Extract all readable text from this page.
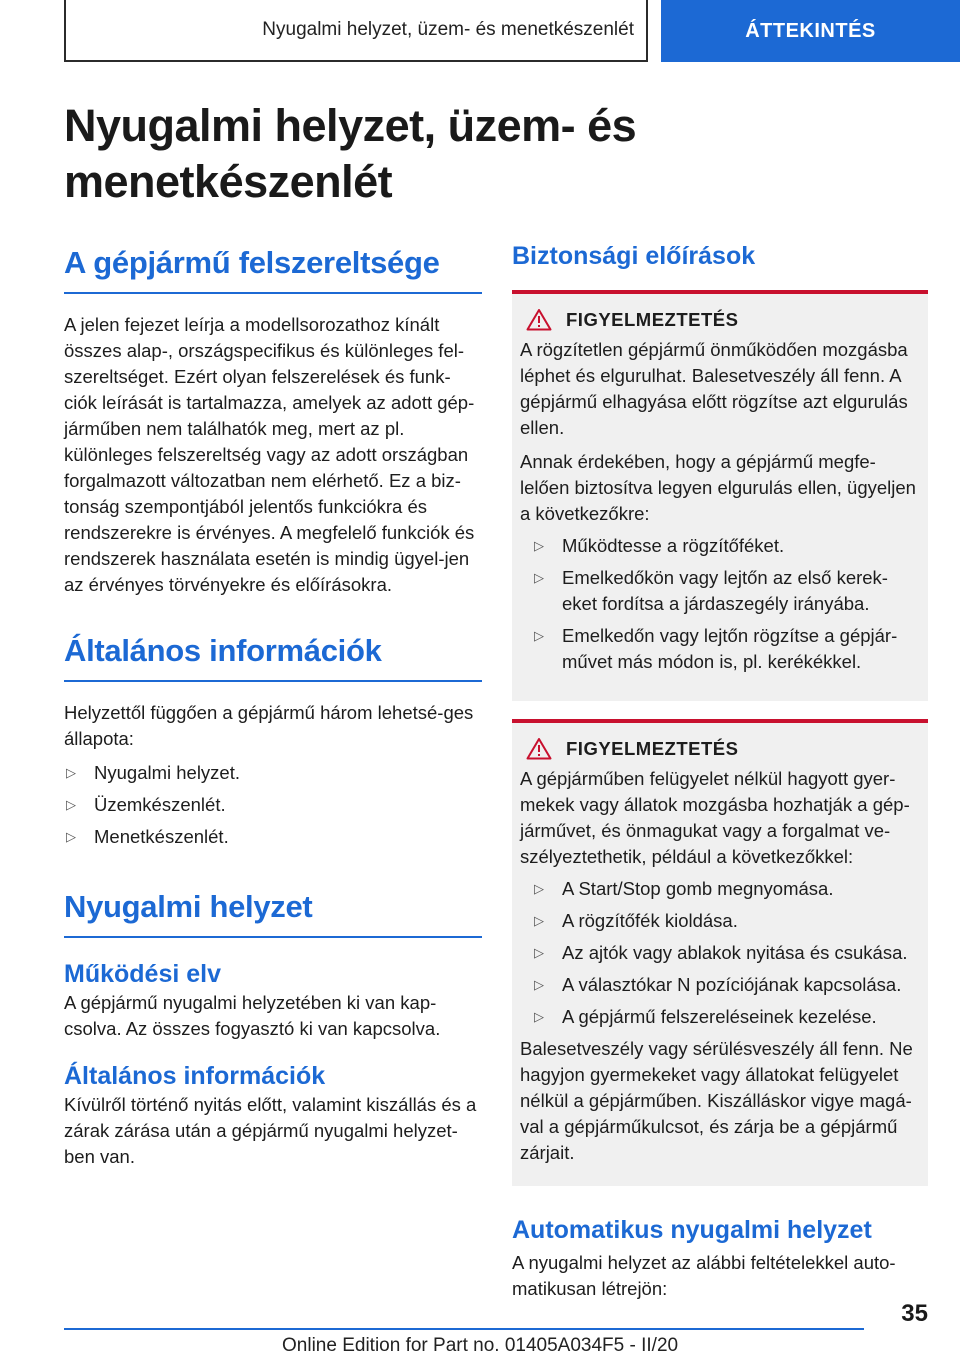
Nyugalmi helyzet, üzem- és menetkészenlét	ÁTTEKINTÉS
Nyugalmi helyzet, üzem- és
menetkészenlét
A gépjármű felszereltsége

A jelen fejezet leírja a modellsorozathoz kínált összes alap-, országspecifikus és különleges fel-szereltséget. Ezért olyan felszerelések és funk-ciók leírását is tartalmazza, amelyek az adott gép-járműben nem találhatók meg, mert az pl. különleges felszereltség vagy az adott országban forgalmazott változatban nem elérhető. Ez a biz-tonság szempontjából jelentős funkciókra és rendszerekre is érvényes. A megfelelő funkciók és rendszerek használata esetén is mindig ügyel-jen az érvényes törvényekre és előírásokra.

Általános információk

Helyzettől függően a gépjármű három lehetsé-ges állapota:

▷ Nyugalmi helyzet.
▷ Üzemkészenlét.
▷ Menetkészenlét.
Nyugalmi helyzet
Működési elv

A gépjármű nyugalmi helyzetében ki van kap-csolva. Az összes fogyasztó ki van kapcsolva.

Általános információk

Kívülről történő nyitás előtt, valamint kiszállás és a zárak zárása után a gépjármű nyugalmi helyzet-ben van.

Biztonsági előírások
FIGYELMEZTETÉS

A rögzítetlen gépjármű önműködően mozgásba léphet és elgurulhat. Balesetveszély áll fenn. A gépjármű elhagyása előtt rögzítse azt elgurulás ellen.

Annak érdekében, hogy a gépjármű megfe-lelően biztosítva legyen elgurulás ellen, ügyeljen a következőkre:

▷ Működtesse a rögzítőféket.
▷ Emelkedőkön vagy lejtőn az első kerek-eket fordítsa a járdaszegély irányába.
▷ Emelkedőn vagy lejtőn rögzítse a gépjár-művet más módon is, pl. kerékékkel.
FIGYELMEZTETÉS

A gépjárműben felügyelet nélkül hagyott gyer-mekek vagy állatok mozgásba hozhatják a gép-járművet, és önmagukat vagy a forgalmat ve-szélyeztethetik, például a következőkkel:

▷ A Start/Stop gomb megnyomása.
▷ A rögzítőfék kioldása.
▷ Az ajtók vagy ablakok nyitása és csukása.
▷ A választókar N pozíciójának kapcsolása.
▷ A gépjármű felszereléseinek kezelése.

Balesetveszély vagy sérülésveszély áll fenn. Ne hagyjon gyermekeket vagy állatokat felügyelet nélkül a gépjárműben. Kiszálláskor vigye magá-val a gépjárműkulcsot, és zárja be a gépjármű zárjait.

Automatikus nyugalmi helyzet

A nyugalmi helyzet az alábbi feltételekkel auto-matikusan létrejön:

35
Online Edition for Part no. 01405A034F5 - II/20
